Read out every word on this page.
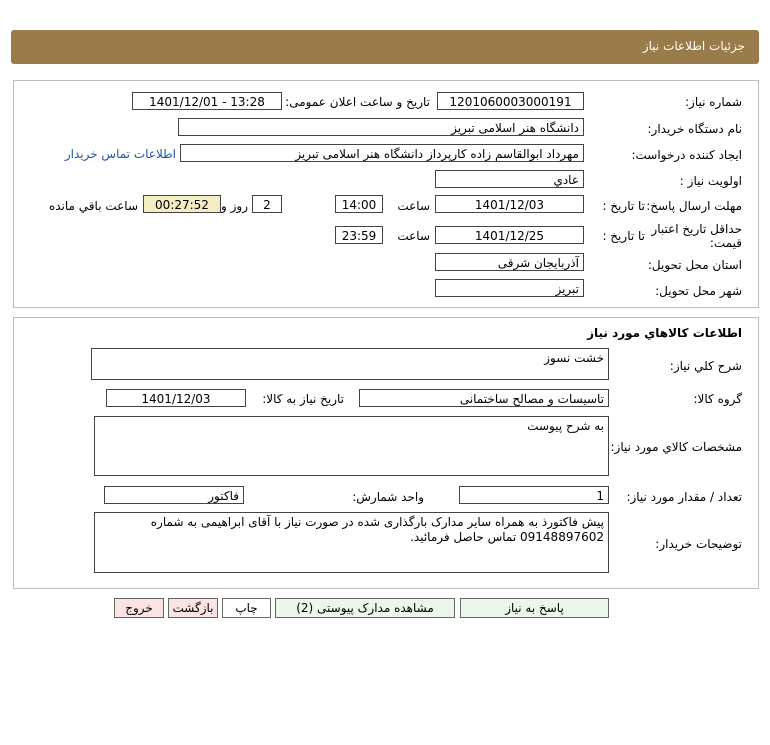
جزئیات اطلاعات نیاز
شماره نیاز:
1201060003000191
تاریخ و ساعت اعلان عمومی:
1401/12/01 - 13:28
نام دستگاه خریدار:
دانشگاه هنر اسلامی تبریز
ایجاد کننده درخواست:
مهرداد ابوالقاسم زاده کارپرداز دانشگاه هنر اسلامی تبریز
اطلاعات تماس خریدار
اولویت نیاز :
عادي
مهلت ارسال پاسخ:
تا تاریخ :
1401/12/03
ساعت
14:00
2
روز و
00:27:52
ساعت باقي مانده
حداقل تاریخ اعتبار
قیمت:
تا تاریخ :
1401/12/25
ساعت
23:59
استان محل تحویل:
آذربایجان شرقی
شهر محل تحویل:
تبریز
اطلاعات کالاهاي مورد نياز
شرح کلي نياز:
خشت نسوز
گروه کالا:
تاسیسات و مصالح ساختمانی
تاریخ نیاز به کالا:
1401/12/03
مشخصات کالاي مورد نياز:
به شرح پیوست
تعداد / مقدار مورد نياز:
1
واحد شمارش:
فاکتور
توضیحات خریدار:
پیش فاکتورذ به همراه سایر مدارک بارگذاری شده در صورت نیاز با آقای ابراهیمی به شماره 09148897602 تماس حاصل فرمائید.
پاسخ به نیاز
مشاهده مدارک پیوستی (2)
چاپ
بازگشت
خروج
